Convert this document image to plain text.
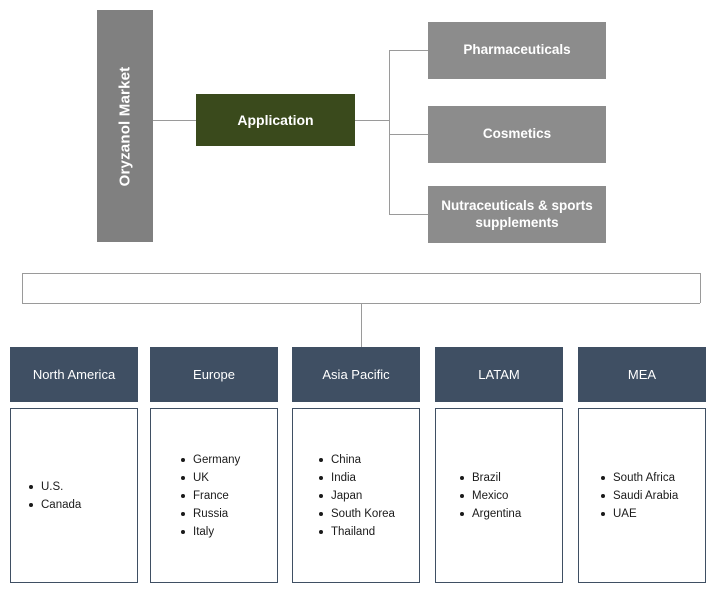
Oryzanol Market	Application
Pharmaceuticals
Cosmetics
Nutraceuticals & sports supplements
North America
U.S.
Canada
Europe
Germany
UK
France
Russia
Italy
Asia Pacific
China
India
Japan
South Korea
Thailand
LATAM
Brazil
Mexico
Argentina
MEA
South Africa
Saudi Arabia
UAE
